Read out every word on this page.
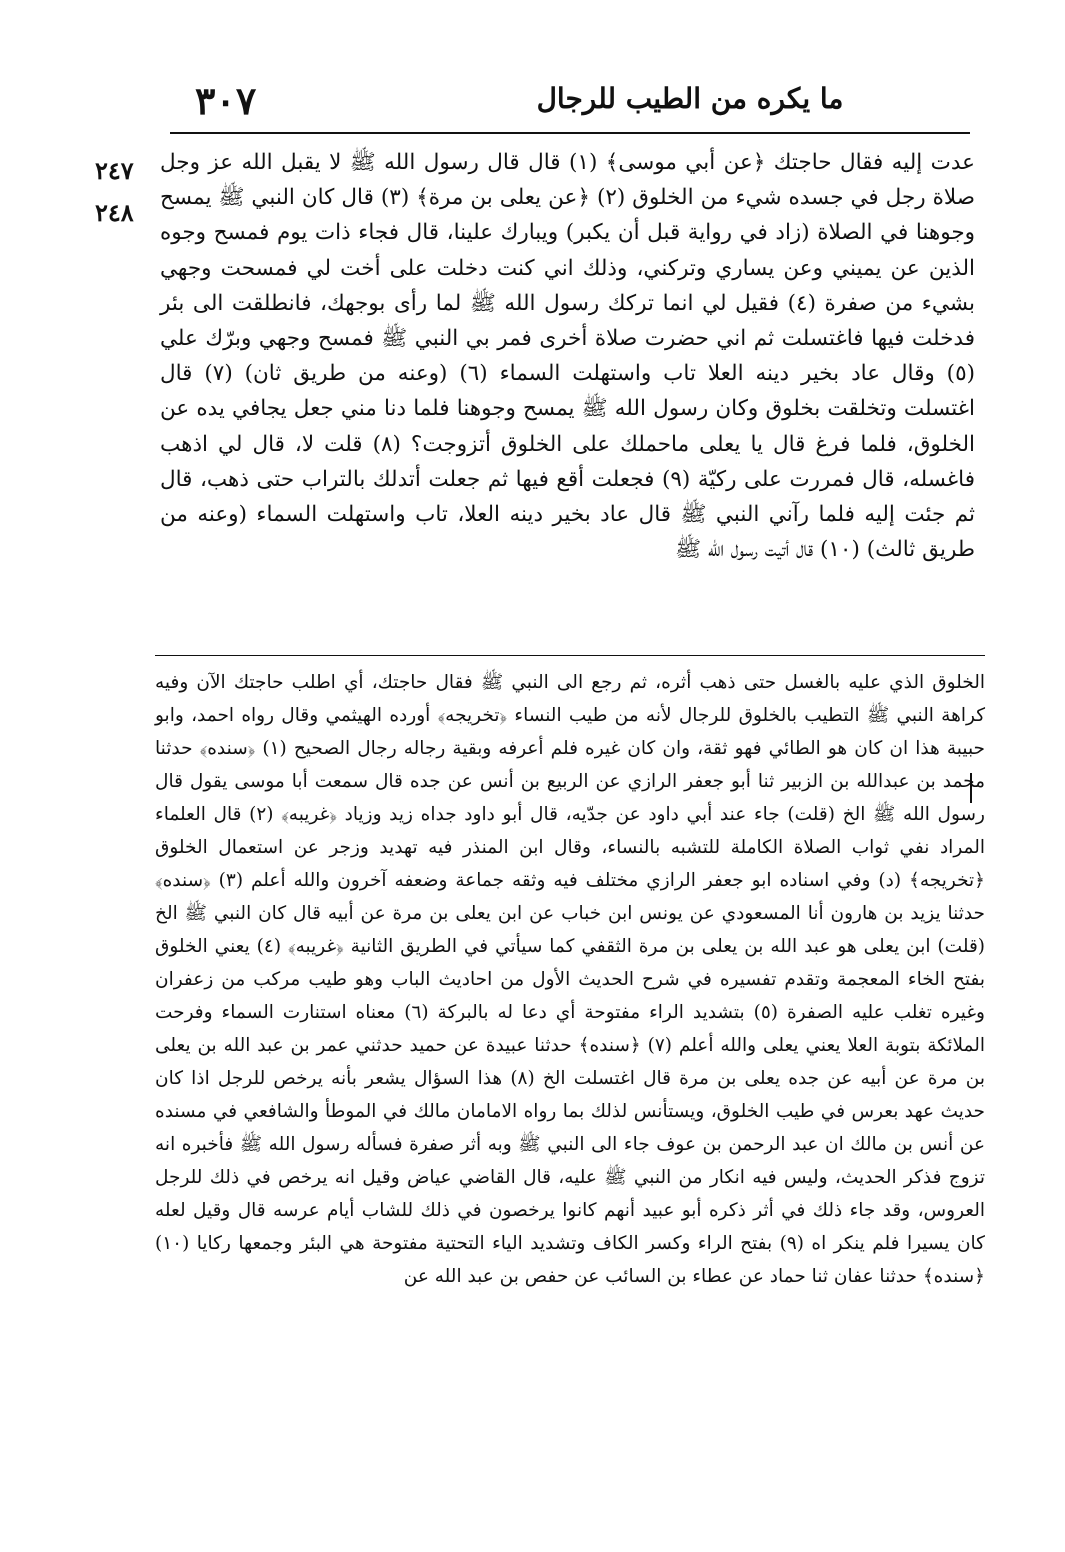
٣٠٧	ما يكره من الطيب للرجال
٢٤٧
٢٤٨

عدت إليه فقال حاجتك ﴿عن أبي موسى﴾ (١) قال قال رسول الله ﷺ لا يقبل الله عز وجل صلاة رجل في جسده شيء من الخلوق (٢) ﴿عن يعلى بن مرة﴾ (٣) قال كان النبي ﷺ يمسح وجوهنا في الصلاة (زاد في رواية قبل أن يكبر) ويبارك علينا، قال فجاء ذات يوم فمسح وجوه الذين عن يميني وعن يساري وتركني، وذلك اني كنت دخلت على أخت لي فمسحت وجهي بشيء من صفرة (٤) فقيل لي انما تركك رسول الله ﷺ لما رأى بوجهك، فانطلقت الى بئر فدخلت فيها فاغتسلت ثم اني حضرت صلاة أخرى فمر بي النبي ﷺ فمسح وجهي وبرّك علي (٥) وقال عاد بخير دينه العلا تاب واستهلت السماء (٦) (وعنه من طريق ثان) (٧) قال اغتسلت وتخلقت بخلوق وكان رسول الله ﷺ يمسح وجوهنا فلما دنا مني جعل يجافي يده عن الخلوق، فلما فرغ قال يا يعلى ماحملك على الخلوق أتزوجت؟ (٨) قلت لا، قال لي اذهب فاغسله، قال فمررت على ركيّة (٩) فجعلت أقع فيها ثم جعلت أتدلك بالتراب حتى ذهب، قال ثم جئت إليه فلما رآني النبي ﷺ قال عاد بخير دينه العلا، تاب واستهلت السماء (وعنه من طريق ثالث) (١٠) قال أتيت رسول الله ﷺ

الخلوق الذي عليه بالغسل حتى ذهب أثره، ثم رجع الى النبي ﷺ فقال حاجتك، أي اطلب حاجتك الآن وفيه كراهة النبي ﷺ التطيب بالخلوق للرجال لأنه من طيب النساء ﴿تخريجه﴾ أورده الهيثمي وقال رواه احمد، وابو حبيبة هذا ان كان هو الطائي فهو ثقة، وان كان غيره فلم أعرفه وبقية رجاله رجال الصحيح (١) ﴿سنده﴾ حدثنا محمد بن عبدالله بن الزبير ثنا أبو جعفر الرازي عن الربيع بن أنس عن جده قال سمعت أبا موسى يقول قال رسول الله ﷺ الخ (قلت) جاء عند أبي داود عن جدّيه، قال أبو داود جداه زيد وزياد ﴿غريبه﴾ (٢) قال العلماء المراد نفي ثواب الصلاة الكاملة للتشبه بالنساء، وقال ابن المنذر فيه تهديد وزجر عن استعمال الخلوق ﴿تخريجه﴾ (د) وفي اسناده ابو جعفر الرازي مختلف فيه وثقه جماعة وضعفه آخرون والله أعلم (٣) ﴿سنده﴾ حدثنا يزيد بن هارون أنا المسعودي عن يونس ابن خباب عن ابن يعلى بن مرة عن أبيه قال كان النبي ﷺ الخ (قلت) ابن يعلى هو عبد الله بن يعلى بن مرة الثقفي كما سيأتي في الطريق الثانية ﴿غريبه﴾ (٤) يعني الخلوق بفتح الخاء المعجمة وتقدم تفسيره في شرح الحديث الأول من احاديث الباب وهو طيب مركب من زعفران وغيره تغلب عليه الصفرة (٥) بتشديد الراء مفتوحة أي دعا له بالبركة (٦) معناه استنارت السماء وفرحت الملائكة بتوبة العلا يعني يعلى والله أعلم (٧) ﴿سنده﴾ حدثنا عبيدة عن حميد حدثني عمر بن عبد الله بن يعلى بن مرة عن أبيه عن جده يعلى بن مرة قال اغتسلت الخ (٨) هذا السؤال يشعر بأنه يرخص للرجل اذا كان حديث عهد بعرس في طيب الخلوق، ويستأنس لذلك بما رواه الامامان مالك في الموطأ والشافعي في مسنده عن أنس بن مالك ان عبد الرحمن بن عوف جاء الى النبي ﷺ وبه أثر صفرة فسأله رسول الله ﷺ فأخبره انه تزوج فذكر الحديث، وليس فيه انكار من النبي ﷺ عليه، قال القاضي عياض وقيل انه يرخص في ذلك للرجل العروس، وقد جاء ذلك في أثر ذكره أبو عبيد أنهم كانوا يرخصون في ذلك للشاب أيام عرسه قال وقيل لعله كان يسيرا فلم ينكر اه (٩) بفتح الراء وكسر الكاف وتشديد الياء التحتية مفتوحة هي البئر وجمعها ركايا (١٠) ﴿سنده﴾ حدثنا عفان ثنا حماد عن عطاء بن السائب عن حفص بن عبد الله عن
